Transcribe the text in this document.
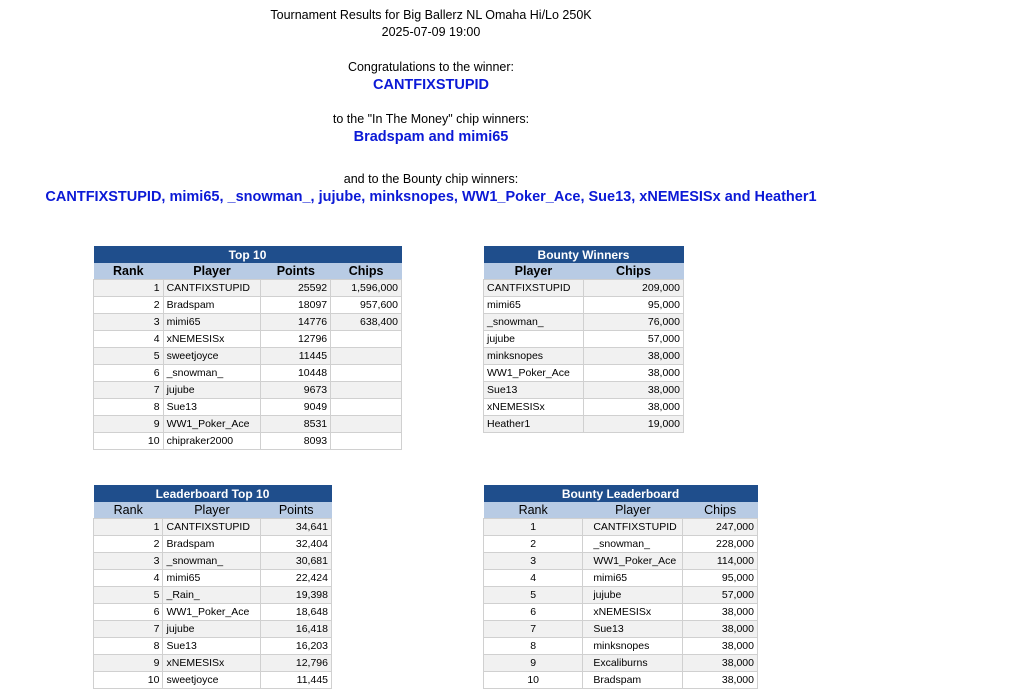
Tournament Results for Big Ballerz NL Omaha Hi/Lo 250K
2025-07-09 19:00
Congratulations to the winner:
CANTFIXSTUPID
to the "In The Money" chip winners:
Bradspam and mimi65
and to the Bounty chip winners:
CANTFIXSTUPID, mimi65, _snowman_, jujube, minksnopes, WW1_Poker_Ace, Sue13, xNEMESISx and Heather1
Top 10			
Rank	Player	Points	Chips
1	CANTFIXSTUPID	25592	1,596,000
2	Bradspam	18097	957,600
3	mimi65	14776	638,400
4	xNEMESISx	12796	
5	sweetjoyce	11445	
6	_snowman_	10448	
7	jujube	9673	
8	Sue13	9049	
9	WW1_Poker_Ace	8531	
10	chipraker2000	8093	
Bounty Winners	
Player	Chips
CANTFIXSTUPID	209,000
mimi65	95,000
_snowman_	76,000
jujube	57,000
minksnopes	38,000
WW1_Poker_Ace	38,000
Sue13	38,000
xNEMESISx	38,000
Heather1	19,000
Leaderboard Top 10		
Rank	Player	Points
1	CANTFIXSTUPID	34,641
2	Bradspam	32,404
3	_snowman_	30,681
4	mimi65	22,424
5	_Rain_	19,398
6	WW1_Poker_Ace	18,648
7	jujube	16,418
8	Sue13	16,203
9	xNEMESISx	12,796
10	sweetjoyce	11,445
Bounty Leaderboard		
Rank	Player	Chips
1	CANTFIXSTUPID	247,000
2	_snowman_	228,000
3	WW1_Poker_Ace	114,000
4	mimi65	95,000
5	jujube	57,000
6	xNEMESISx	38,000
7	Sue13	38,000
8	minksnopes	38,000
9	Excaliburns	38,000
10	Bradspam	38,000
